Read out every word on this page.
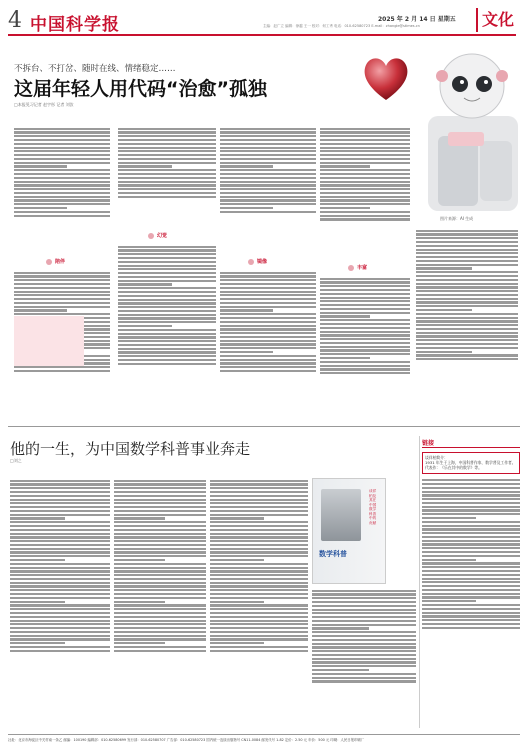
4 中国科学报	2025 年 2 月 14 日 星期五
主编：赵广立 编辑：徐越 王一 校对：何工秀 电话：010-62580723 E-mail：zhangle@stimes.cn	文化
不拆台、不打岔、随时在线、情绪稳定……
这届年轻人用代码“治愈”孤独
□本报见习记者 赵宇彤 记者 刘汝
图片来源：AI 生成
陪伴
幻觉
镜像
丰富
他的一生，为中国数学科普事业奔走
□刘之
数学科普
谈祥柏及其在中国数学科普中的贡献
链接
谈祥柏简介：
1931 年生于上海，中国科普作家、数学普及工作者。
代表作：《乐在其中的数学》等。
社址：北京市海淀区中关村南一条乙 邮编：100190 编辑部：010-62580699 发行部：010-62580707 广告部：010-62580723 国内统一连续出版物号 CN11-0084 邮发代号 1-82 定价：2.50 元 年价：500 元 印刷：人民日报印刷厂
